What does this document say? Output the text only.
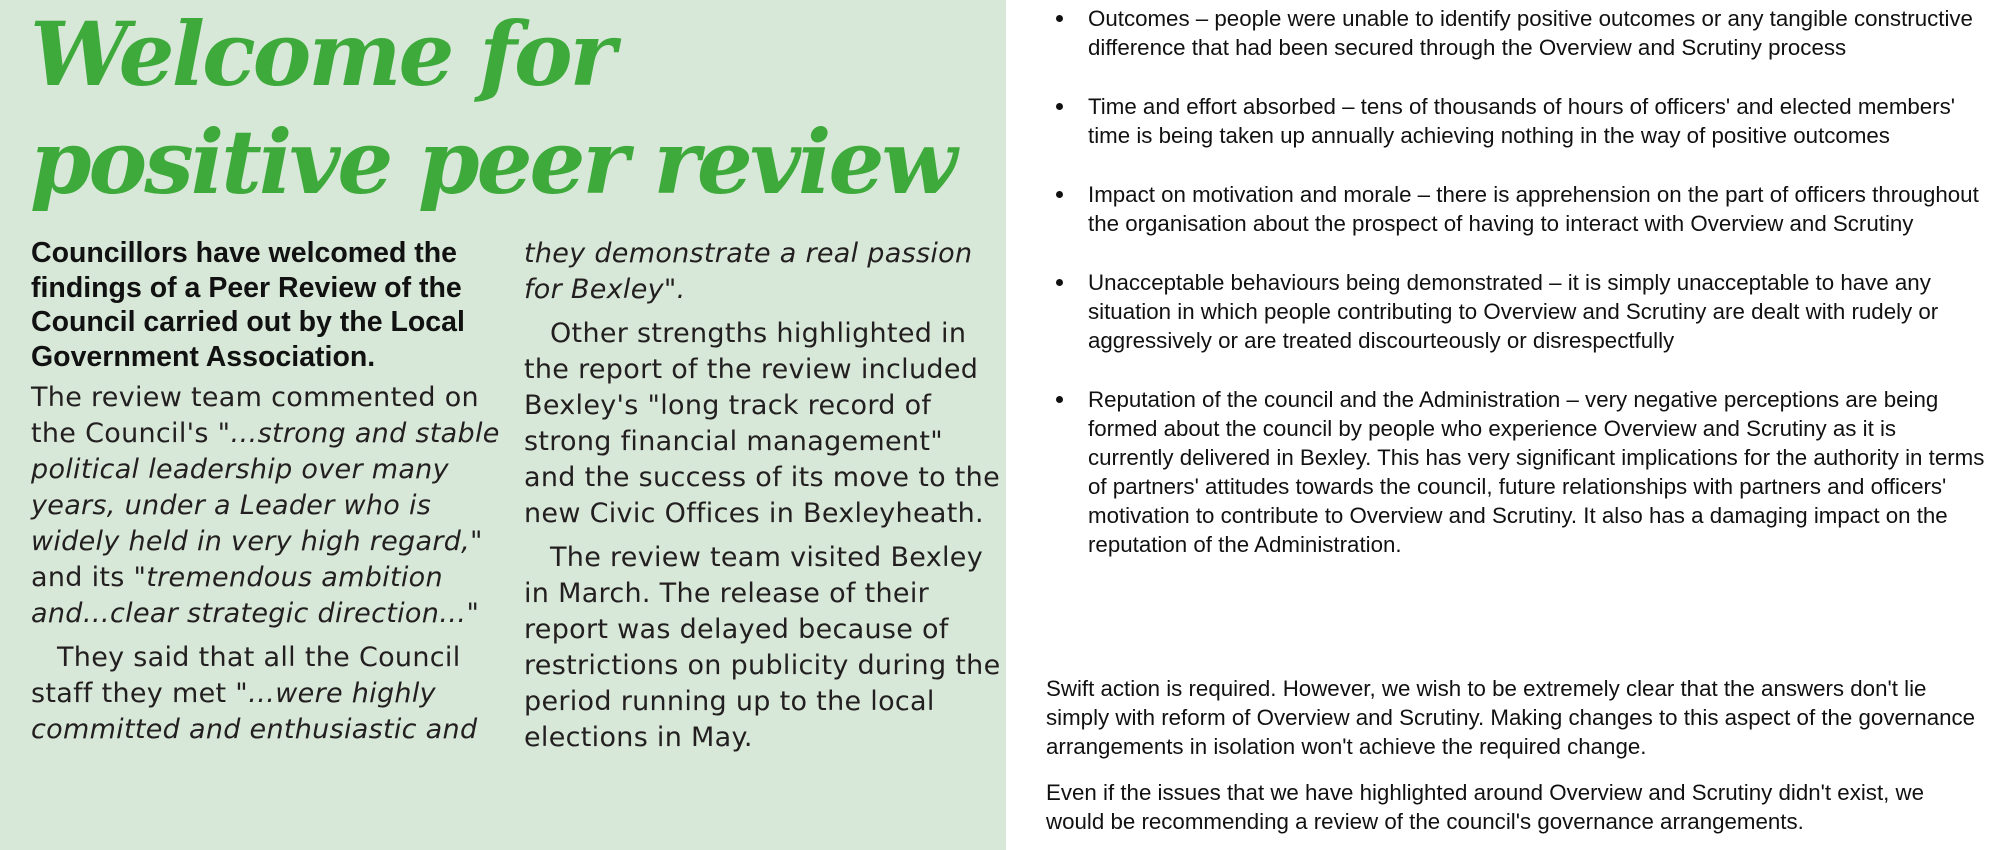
Welcome for positive peer review

Councillors have welcomed the findings of a Peer Review of the Council carried out by the Local Government Association.

The review team commented on the Council's "…strong and stable political leadership over many years, under a Leader who is widely held in very high regard," and its "tremendous ambition and…clear strategic direction…"

They said that all the Council staff they met "…were highly committed and enthusiastic and

they demonstrate a real passion for Bexley".

Other strengths highlighted in the report of the review included Bexley's "long track record of strong financial management" and the success of its move to the new Civic Offices in Bexleyheath.

The review team visited Bexley in March. The release of their report was delayed because of restrictions on publicity during the period running up to the local elections in May.

Outcomes – people were unable to identify positive outcomes or any tangible constructive difference that had been secured through the Overview and Scrutiny process
Time and effort absorbed – tens of thousands of hours of officers' and elected members' time is being taken up annually achieving nothing in the way of positive outcomes
Impact on motivation and morale – there is apprehension on the part of officers throughout the organisation about the prospect of having to interact with Overview and Scrutiny
Unacceptable behaviours being demonstrated – it is simply unacceptable to have any situation in which people contributing to Overview and Scrutiny are dealt with rudely or aggressively or are treated discourteously or disrespectfully
Reputation of the council and the Administration – very negative perceptions are being formed about the council by people who experience Overview and Scrutiny as it is currently delivered in Bexley. This has very significant implications for the authority in terms of partners' attitudes towards the council, future relationships with partners and officers' motivation to contribute to Overview and Scrutiny. It also has a damaging impact on the reputation of the Administration.

Swift action is required. However, we wish to be extremely clear that the answers don't lie simply with reform of Overview and Scrutiny. Making changes to this aspect of the governance arrangements in isolation won't achieve the required change.

Even if the issues that we have highlighted around Overview and Scrutiny didn't exist, we would be recommending a review of the council's governance arrangements.
